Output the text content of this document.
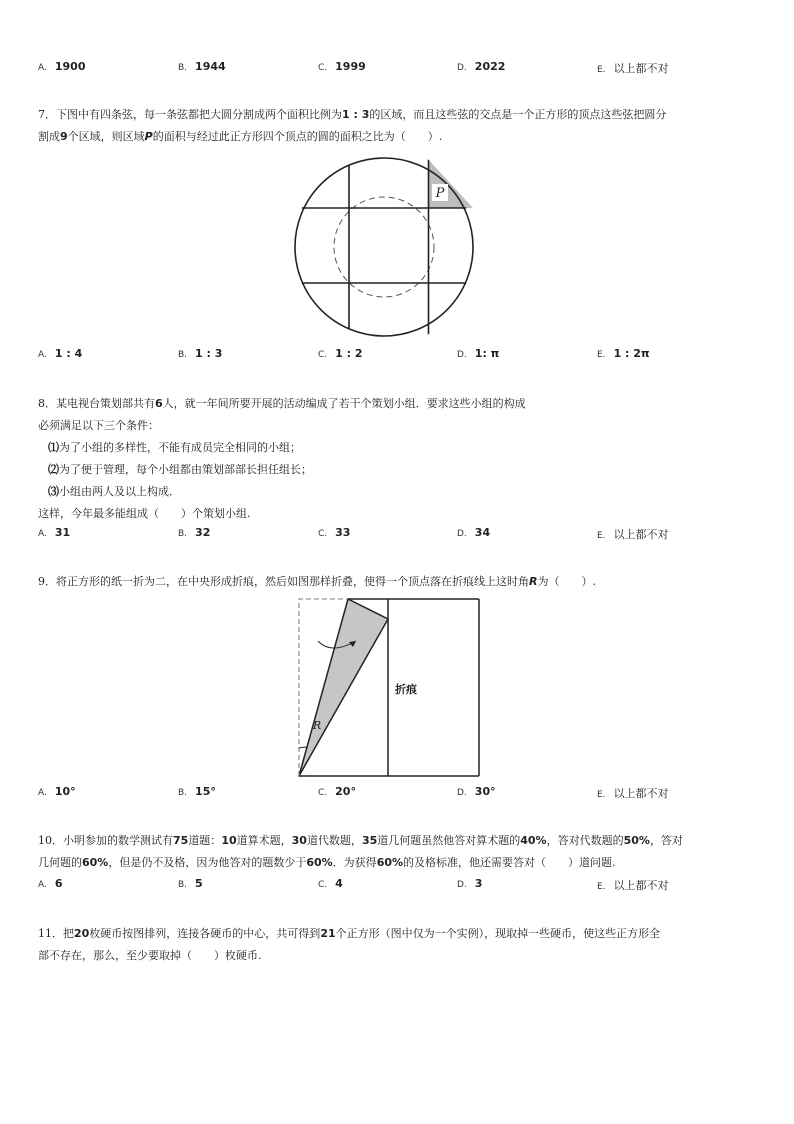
A. 1900	B. 1944	C. 1999	D. 2022	E. 以上都不对
7．下图中有四条弦，每一条弦都把大圆分割成两个面积比例为1 : 3的区域，而且这些弦的交点是一个正方形的顶点这些弦把圆分
割成9个区域，则区域P的面积与经过此正方形四个顶点的圆的面积之比为（　　）.
P
A. 1 : 4	B. 1 : 3	C. 1 : 2	D. 1: π	E. 1 : 2π
8．某电视台策划部共有6人，就一年间所要开展的活动编成了若干个策划小组．要求这些小组的构成
必须满足以下三个条件：
⑴为了小组的多样性，不能有成员完全相同的小组；
⑵为了便于管理，每个小组都由策划部部长担任组长；
⑶小组由两人及以上构成．
这样，今年最多能组成（　　）个策划小组.
A. 31	B. 32	C. 33	D. 34	E. 以上都不对
9．将正方形的纸一折为二，在中央形成折痕，然后如图那样折叠，使得一个顶点落在折痕线上这时角R为（　　）.
R
折痕
A. 10°	B. 15°	C. 20°	D. 30°	E. 以上都不对
10．小明参加的数学测试有75道题：10道算术题，30道代数题，35道几何题虽然他答对算术题的40%，答对代数题的50%，答对
几何题的60%，但是仍不及格，因为他答对的题数少于60%．为获得60%的及格标准，他还需要答对（　　）道问题.
A. 6	B. 5	C. 4	D. 3	E. 以上都不对
11．把20枚硬币按图排列，连接各硬币的中心，共可得到21个正方形（图中仅为一个实例），现取掉一些硬币，使这些正方形全
部不存在，那么，至少要取掉（　　）枚硬币.
